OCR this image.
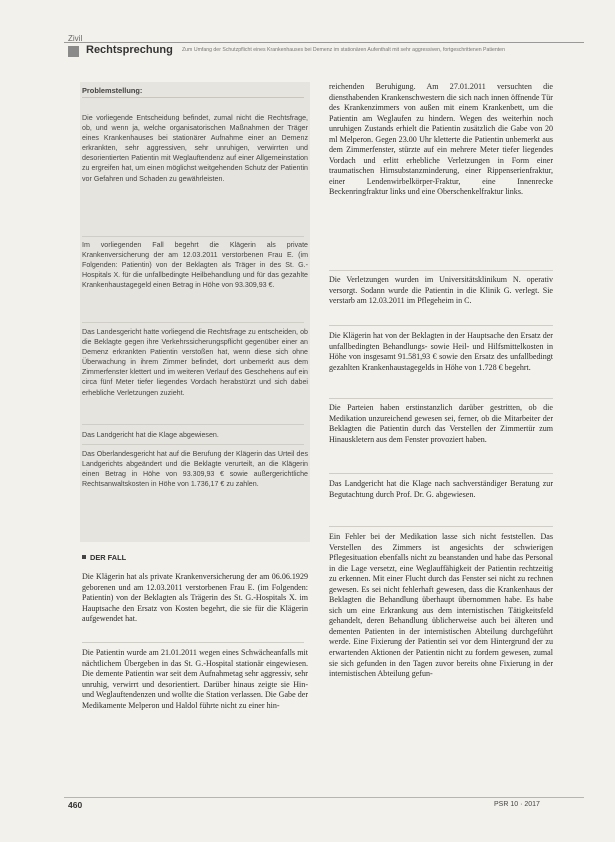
Zivil
Rechtsprechung Zum Umfang der Schutzpflicht eines Krankenhauses bei Demenz im stationären Aufenthalt mit sehr aggressiven, fortgeschrittenen Patienten
Problemstellung:
Die vorliegende Entscheidung befindet, zumal nicht die Rechtsfrage, ob, und wenn ja, welche organisatorischen Maßnahmen der Träger eines Krankenhauses bei stationärer Aufnahme einer an Demenz erkrankten, sehr aggressiven, sehr unruhigen, verwirrten und desorientierten Patientin mit Weglauftendenz auf einer Allgemeinstation zu ergreifen hat, um einen möglichst weitgehenden Schutz der Patientin vor Gefahren und Schaden zu gewährleisten.
Im vorliegenden Fall begehrt die Klägerin als private Krankenversicherung der am 12.03.2011 verstorbenen Frau E. (im Folgenden: Patientin) von der Beklagten als Träger in des St. G.-Hospitals X. für die unfallbedingte Heilbehandlung und für das gezahlte Krankenhaustagegeld einen Betrag in Höhe von 93.309,93 €.
Das Landesgericht hatte vorliegend die Rechtsfrage zu entscheiden, ob die Beklagte gegen ihre Verkehrssicherungspflicht gegenüber einer an Demenz erkrankten Patientin verstoßen hat, wenn diese sich ohne Überwachung in ihrem Zimmer befindet, dort unbemerkt aus dem Zimmerfenster klettert und im weiteren Verlauf des Geschehens auf ein circa fünf Meter tiefer liegendes Vordach herabstürzt und sich dabei erhebliche Verletzungen zuzieht.
Das Landgericht hat die Klage abgewiesen.
Das Oberlandesgericht hat auf die Berufung der Klägerin das Urteil des Landgerichts abgeändert und die Beklagte verurteilt, an die Klägerin einen Betrag in Höhe von 93.309,93 € sowie außergerichtliche Rechtsanwaltskosten in Höhe von 1.736,17 € zu zahlen.
DER FALL
Die Klägerin hat als private Krankenversicherung der am 06.06.1929 geborenen und am 12.03.2011 verstorbenen Frau E. (im Folgenden: Patientin) von der Beklagten als Trägerin des St. G.-Hospitals X. im Hauptsache den Ersatz von Kosten begehrt, die sie für die Klägerin aufgewendet hat.
Die Patientin wurde am 21.01.2011 wegen eines Schwächeanfalls mit nächtlichem Übergeben in das St. G.-Hospital stationär eingewiesen. Die demente Patientin war seit dem Aufnahmetag sehr aggressiv, sehr unruhig, verwirrt und desorientiert. Darüber hinaus zeigte sie Hin- und Weglauftendenzen und wollte die Station verlassen. Die Gabe der Medikamente Melperon und Haldol führte nicht zu einer hin-
reichenden Beruhigung. Am 27.01.2011 versuchten die diensthabenden Krankenschwestern die sich nach innen öffnende Tür des Krankenzimmers von außen mit einem Krankenbett, um die Patientin am Weglaufen zu hindern. Wegen des weiterhin noch unruhigen Zustands erhielt die Patientin zusätzlich die Gabe von 20 ml Melperon. Gegen 23.00 Uhr kletterte die Patientin unbemerkt aus dem Zimmerfenster, stürzte auf ein mehrere Meter tiefer liegendes Vordach und erlitt erhebliche Verletzungen in Form einer traumatischen Hirnsubstanzminderung, einer Rippenserienfraktur, einer Lendenwirbelkörper-Fraktur, eine Innenrecke Beckenringfraktur links und eine Oberschenkelfraktur links.
Die Verletzungen wurden im Universitätsklinikum N. operativ versorgt. Sodann wurde die Patientin in die Klinik G. verlegt. Sie verstarb am 12.03.2011 im Pflegeheim in C.
Die Klägerin hat von der Beklagten in der Hauptsache den Ersatz der unfallbedingten Behandlungs- sowie Heil- und Hilfsmittelkosten in Höhe von insgesamt 91.581,93 € sowie den Ersatz des unfallbedingt gezahlten Krankenhaustagegelds in Höhe von 1.728 € begehrt.
Die Parteien haben erstinstanzlich darüber gestritten, ob die Medikation unzureichend gewesen sei, ferner, ob die Mitarbeiter der Beklagten die Patientin durch das Verstellen der Zimmertür zum Hinauskletern aus dem Fenster provoziert haben.
Das Landgericht hat die Klage nach sachverständiger Beratung zur Begutachtung durch Prof. Dr. G. abgewiesen.
Ein Fehler bei der Medikation lasse sich nicht feststellen. Das Verstellen des Zimmers ist angesichts der schwierigen Pflegesituation ebenfalls nicht zu beanstanden und habe das Personal in die Lage versetzt, eine Weglauffähigkeit der Patientin rechtzeitig zu erkennen. Mit einer Flucht durch das Fenster sei nicht zu rechnen gewesen. Es sei nicht fehlerhaft gewesen, dass die Krankenhaus der Beklagten die Behandlung überhaupt übernommen habe. Es habe sich um eine Erkrankung aus dem internistischen Tätigkeitsfeld gehandelt, deren Behandlung üblicherweise auch bei älteren und dementen Patienten in der internistischen Abteilung durchgeführt werde. Eine Fixierung der Patientin sei vor dem Hintergrund der zu erwartenden Aktionen der Patientin nicht zu fordern gewesen, zumal sie sich gefunden in den Tagen zuvor bereits ohne Fixierung in der internistischen Abteilung gefun-
460	PSR 10 · 2017
